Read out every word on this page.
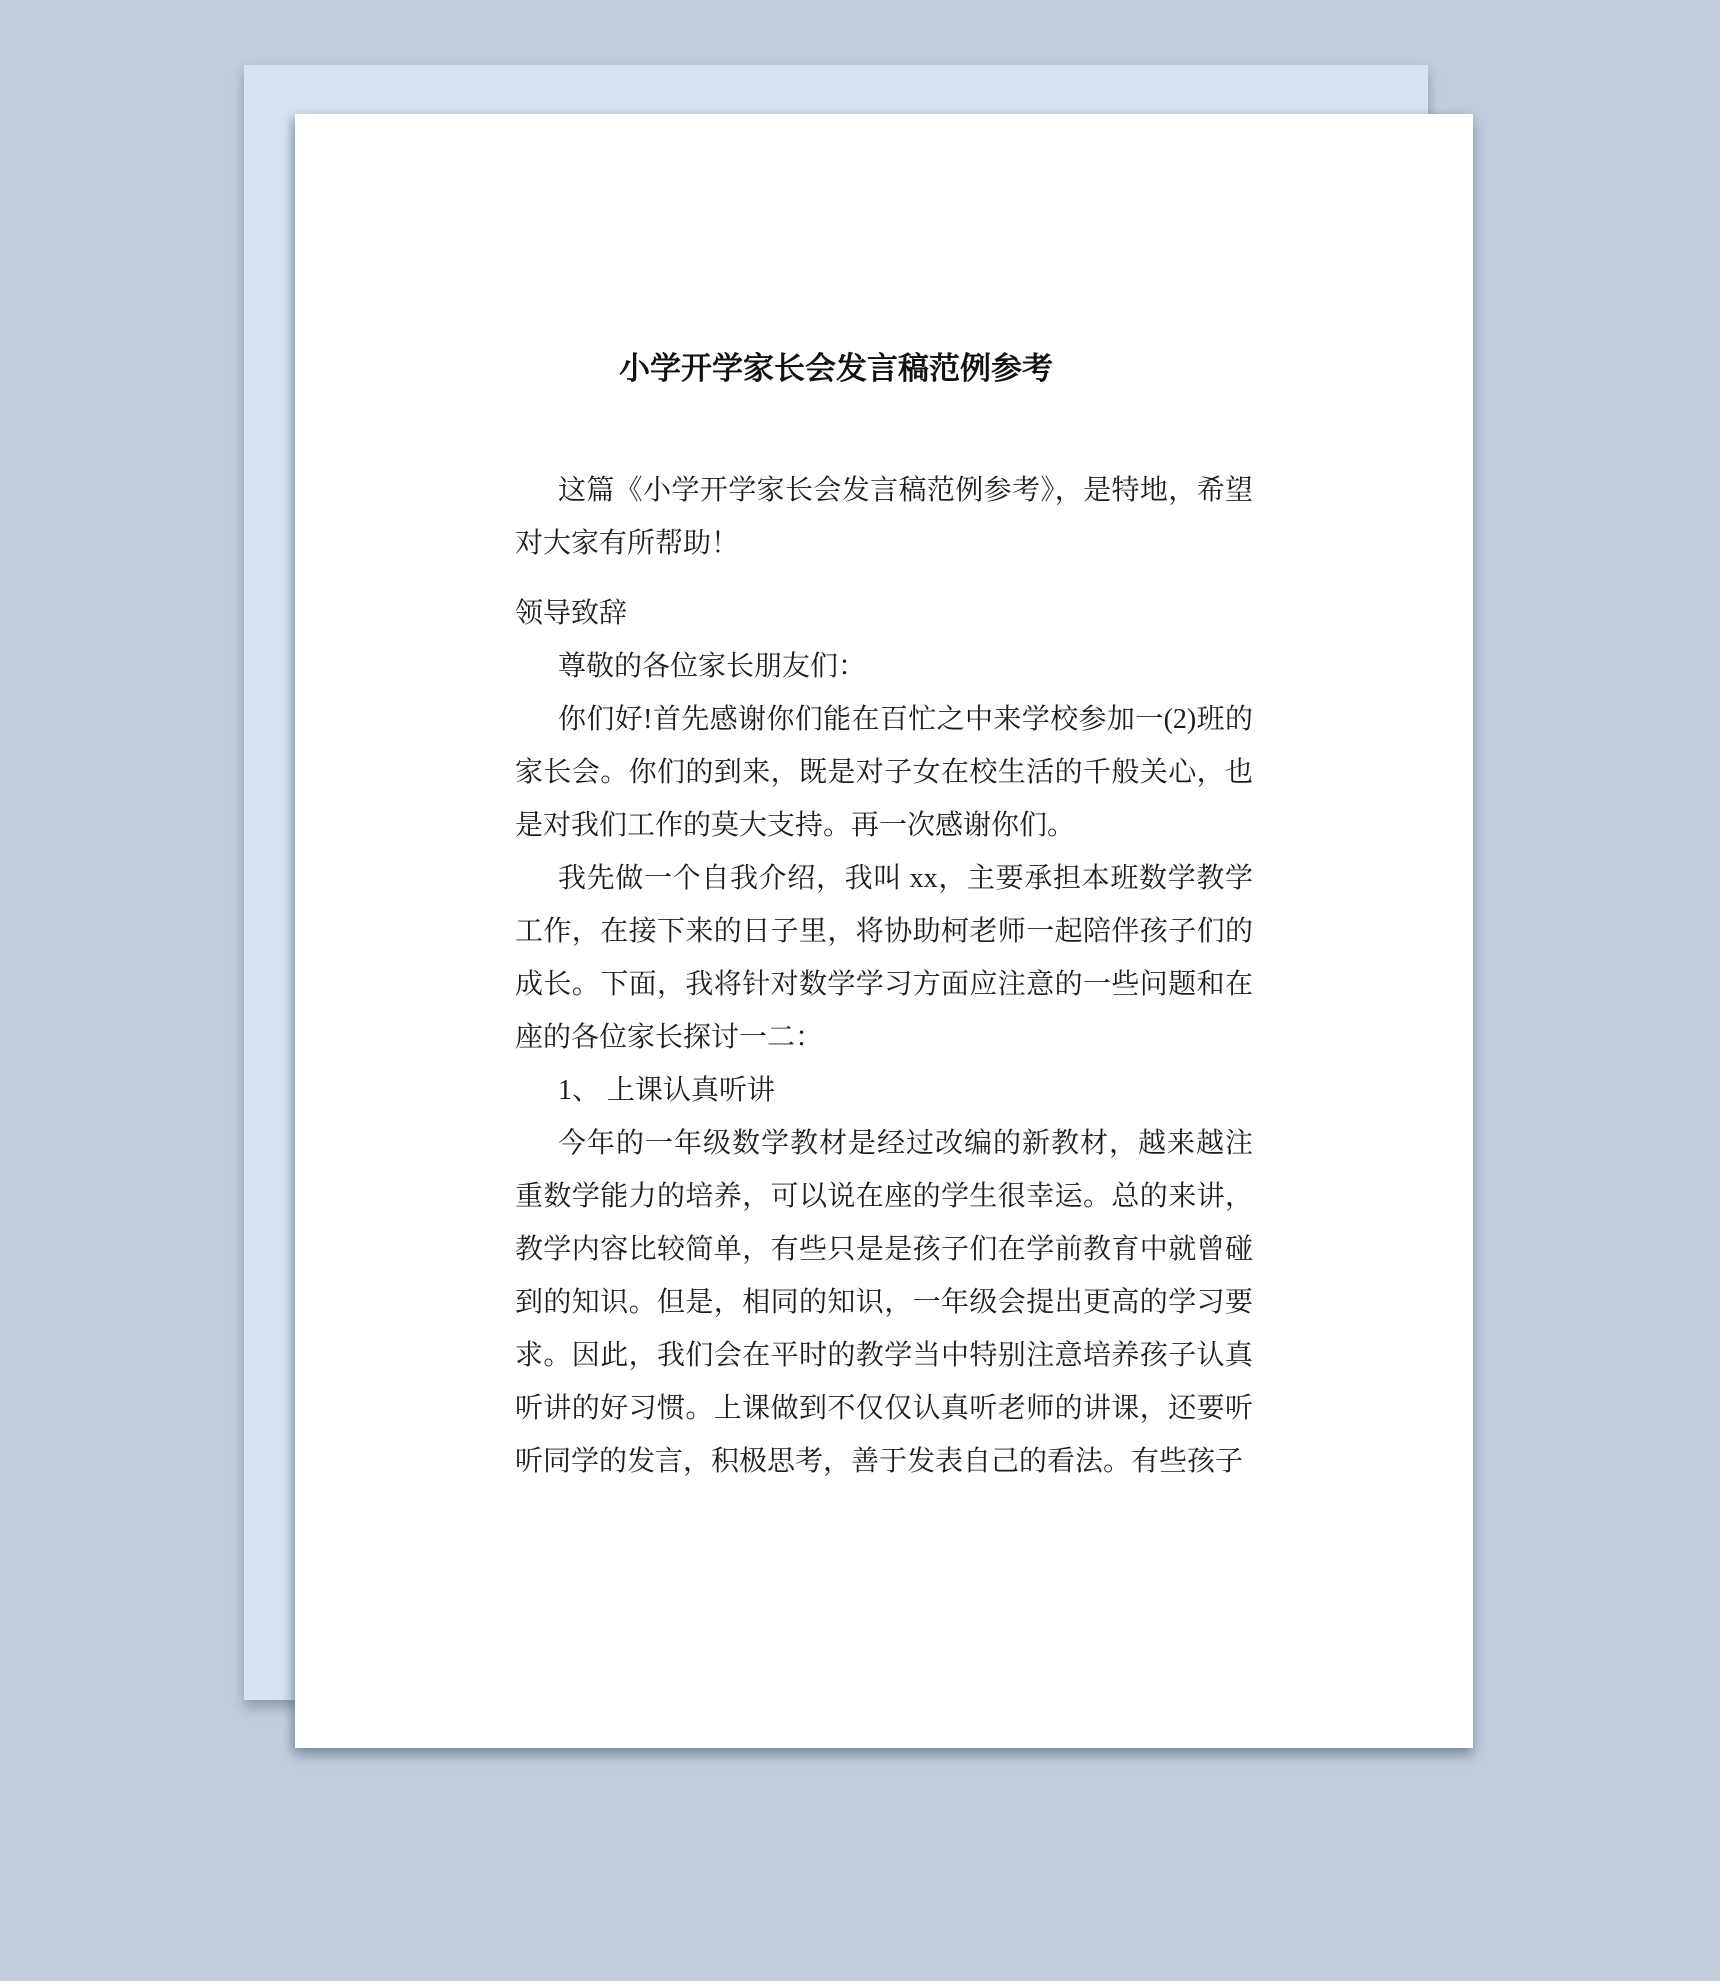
小学开学家长会发言稿范例参考

这篇《小学开学家长会发言稿范例参考》，是特地，希望对大家有所帮助！

领导致辞

尊敬的各位家长朋友们：

你们好!首先感谢你们能在百忙之中来学校参加一(2)班的家长会。你们的到来，既是对子女在校生活的千般关心，也是对我们工作的莫大支持。再一次感谢你们。

我先做一个自我介绍，我叫 xx，主要承担本班数学教学工作，在接下来的日子里，将协助柯老师一起陪伴孩子们的成长。下面，我将针对数学学习方面应注意的一些问题和在座的各位家长探讨一二：

1、 上课认真听讲

今年的一年级数学教材是经过改编的新教材，越来越注重数学能力的培养，可以说在座的学生很幸运。总的来讲，教学内容比较简单，有些只是是孩子们在学前教育中就曾碰到的知识。但是，相同的知识，一年级会提出更高的学习要求。因此，我们会在平时的教学当中特别注意培养孩子认真听讲的好习惯。上课做到不仅仅认真听老师的讲课，还要听听同学的发言，积极思考，善于发表自己的看法。有些孩子
